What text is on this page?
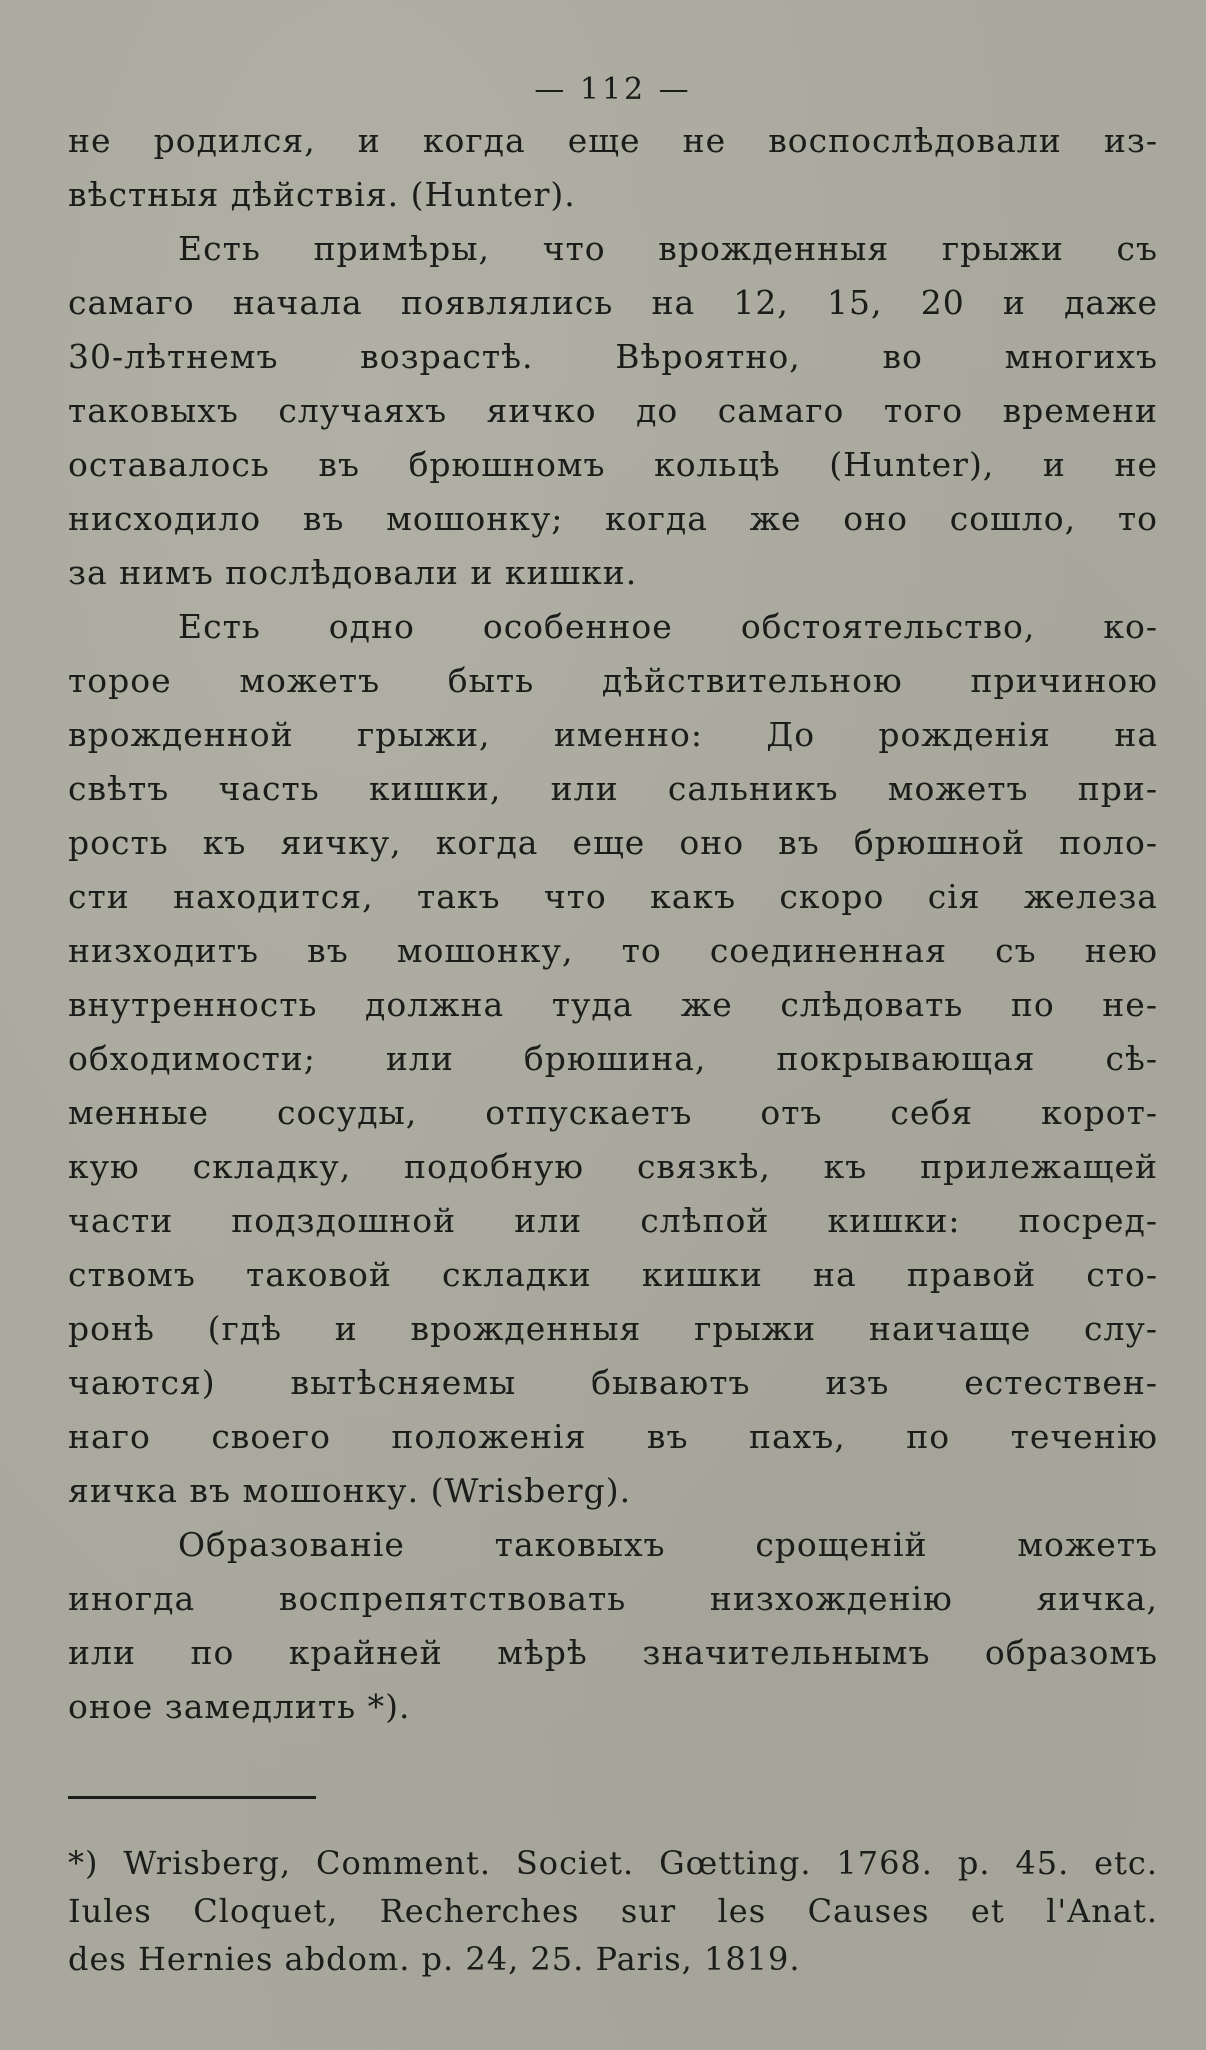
— 112 —
не родился, и когда еще не воспослѣдовали из-
вѣстныя дѣйствія. (Hunter).
Есть примѣры, что врожденныя грыжи съ
самаго начала появлялись на 12, 15, 20 и даже
30-лѣтнемъ возрастѣ. Вѣроятно, во многихъ
таковыхъ случаяхъ яичко до самаго того времени
оставалось въ брюшномъ кольцѣ (Hunter), и не
нисходило въ мошонку; когда же оно сошло, то
за нимъ послѣдовали и кишки.
Есть одно особенное обстоятельство, ко-
торое можетъ быть дѣйствительною причиною
врожденной грыжи, именно: До рожденія на
свѣтъ часть кишки, или сальникъ можетъ при-
рость къ яичку, когда еще оно въ брюшной поло-
сти находится, такъ что какъ скоро сія железа
низходитъ въ мошонку, то соединенная съ нею
внутренность должна туда же слѣдовать по не-
обходимости; или брюшина, покрывающая сѣ-
менные сосуды, отпускаетъ отъ себя корот-
кую складку, подобную связкѣ, къ прилежащей
части подздошной или слѣпой кишки: посред-
ствомъ таковой складки кишки на правой сто-
ронѣ (гдѣ и врожденныя грыжи наичаще слу-
чаются) вытѣсняемы бываютъ изъ естествен-
наго своего положенія въ пахъ, по теченію
яичка въ мошонку. (Wrisberg).
Образованіе таковыхъ срощеній можетъ
иногда воспрепятствовать низхожденію яичка,
или по крайней мѣрѣ значительнымъ образомъ
оное замедлить *).
*) Wrisberg, Comment. Societ. Gœtting. 1768. p. 45. etc.
Iules Cloquet, Recherches sur les Causes et l'Anat.
des Hernies abdom. p. 24, 25. Paris, 1819.
